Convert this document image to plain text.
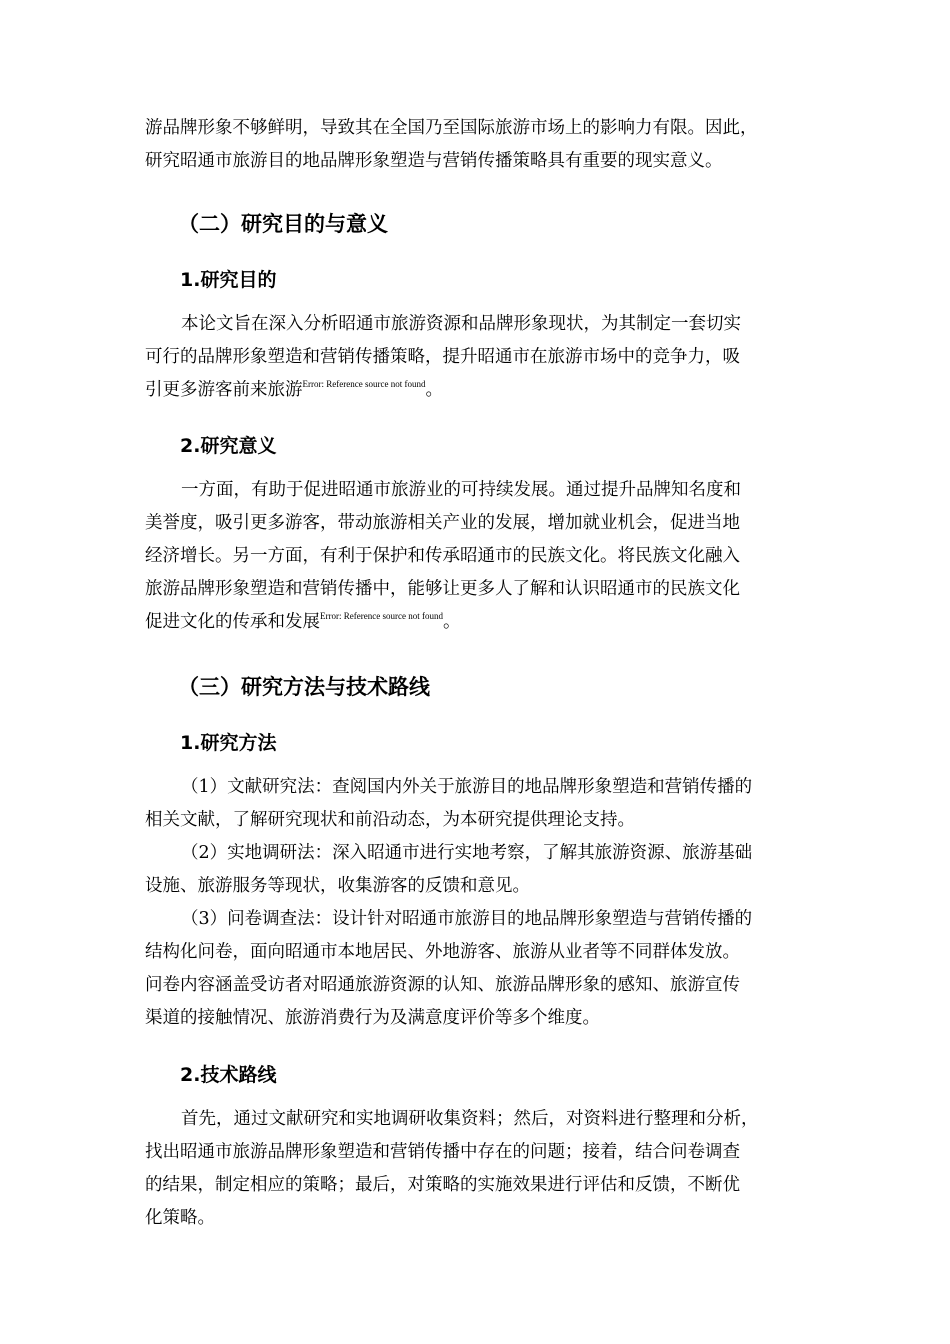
游品牌形象不够鲜明，导致其在全国乃至国际旅游市场上的影响力有限。因此，
研究昭通市旅游目的地品牌形象塑造与营销传播策略具有重要的现实意义。

（二）研究目的与意义
1.研究目的

本论文旨在深入分析昭通市旅游资源和品牌形象现状，为其制定一套切实
可行的品牌形象塑造和营销传播策略，提升昭通市在旅游市场中的竞争力，吸
引更多游客前来旅游$^{Error: Reference source not found}$。

2.研究意义

一方面，有助于促进昭通市旅游业的可持续发展。通过提升品牌知名度和
美誉度，吸引更多游客，带动旅游相关产业的发展，增加就业机会，促进当地
经济增长。另一方面，有利于保护和传承昭通市的民族文化。将民族文化融入
旅游品牌形象塑造和营销传播中，能够让更多人了解和认识昭通市的民族文化
促进文化的传承和发展$^{Error: Reference source not found}$。

（三）研究方法与技术路线
1.研究方法

（1）文献研究法：查阅国内外关于旅游目的地品牌形象塑造和营销传播的
相关文献，了解研究现状和前沿动态，为本研究提供理论支持。
（2）实地调研法：深入昭通市进行实地考察，了解其旅游资源、旅游基础
设施、旅游服务等现状，收集游客的反馈和意见。
（3）问卷调查法：设计针对昭通市旅游目的地品牌形象塑造与营销传播的
结构化问卷，面向昭通市本地居民、外地游客、旅游从业者等不同群体发放。
问卷内容涵盖受访者对昭通旅游资源的认知、旅游品牌形象的感知、旅游宣传
渠道的接触情况、旅游消费行为及满意度评价等多个维度。

2.技术路线

首先，通过文献研究和实地调研收集资料；然后，对资料进行整理和分析，
找出昭通市旅游品牌形象塑造和营销传播中存在的问题；接着，结合问卷调查
的结果，制定相应的策略；最后，对策略的实施效果进行评估和反馈，不断优
化策略。
